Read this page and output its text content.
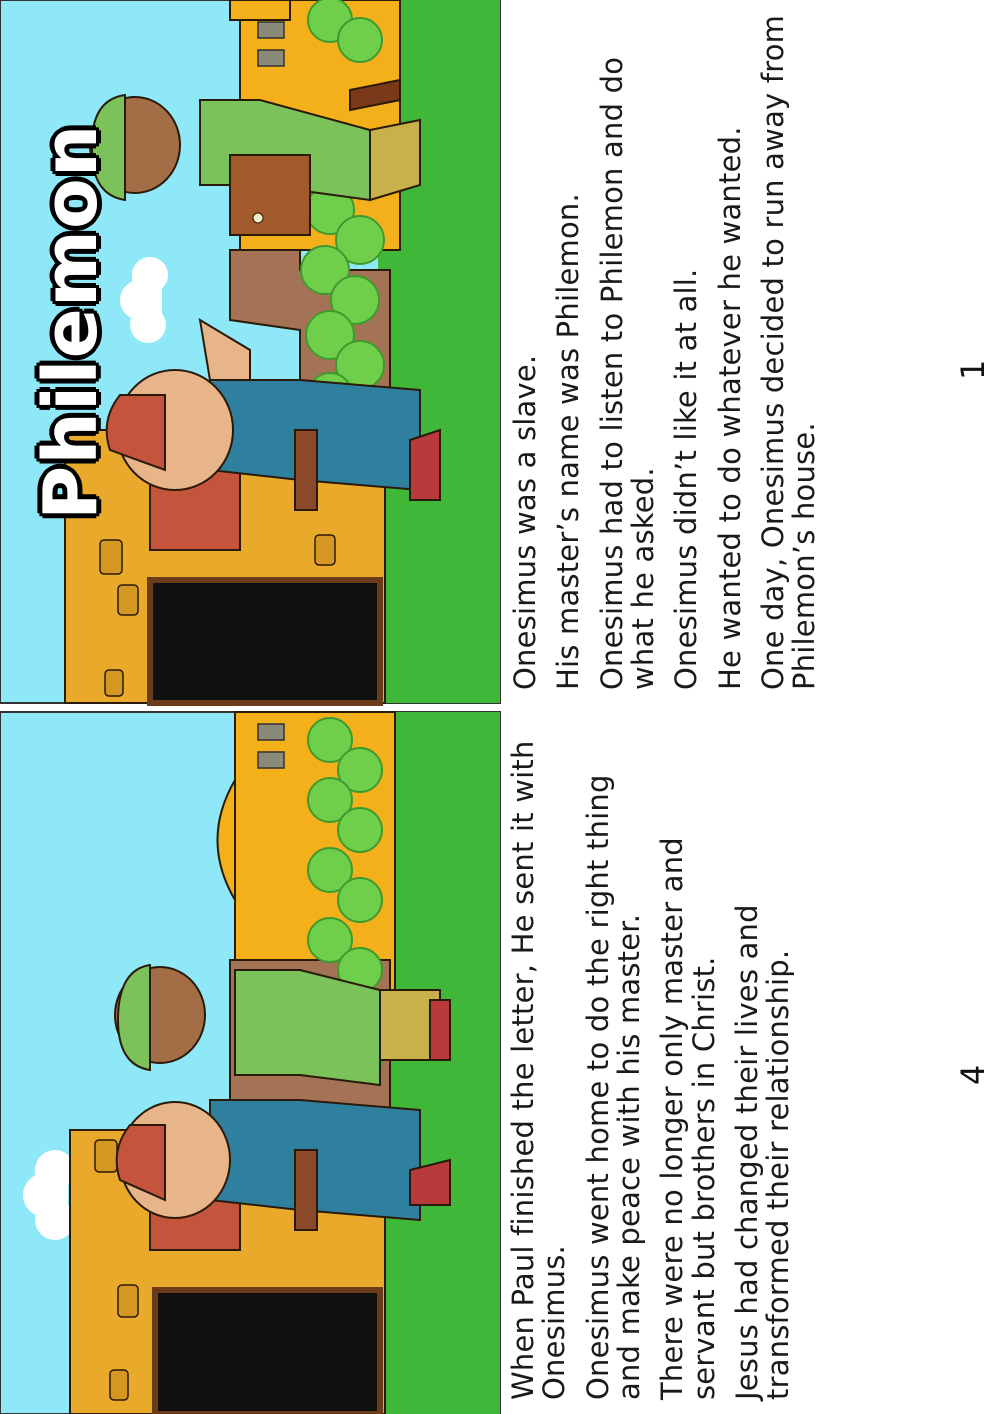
Philemon

Onesimus was a slave. His master’s name was Philemon. Onesimus had to listen to Philemon and do what he asked. Onesimus didn’t like it at all. He wanted to do whatever he wanted. One day, Onesimus decided to run away from Philemon’s house.

1

When Paul finished the letter, He sent it with Onesimus. Onesimus went home to do the right thing and make peace with his master. There were no longer only master and servant but brothers in Christ. Jesus had changed their lives and transformed their relationship.	4
